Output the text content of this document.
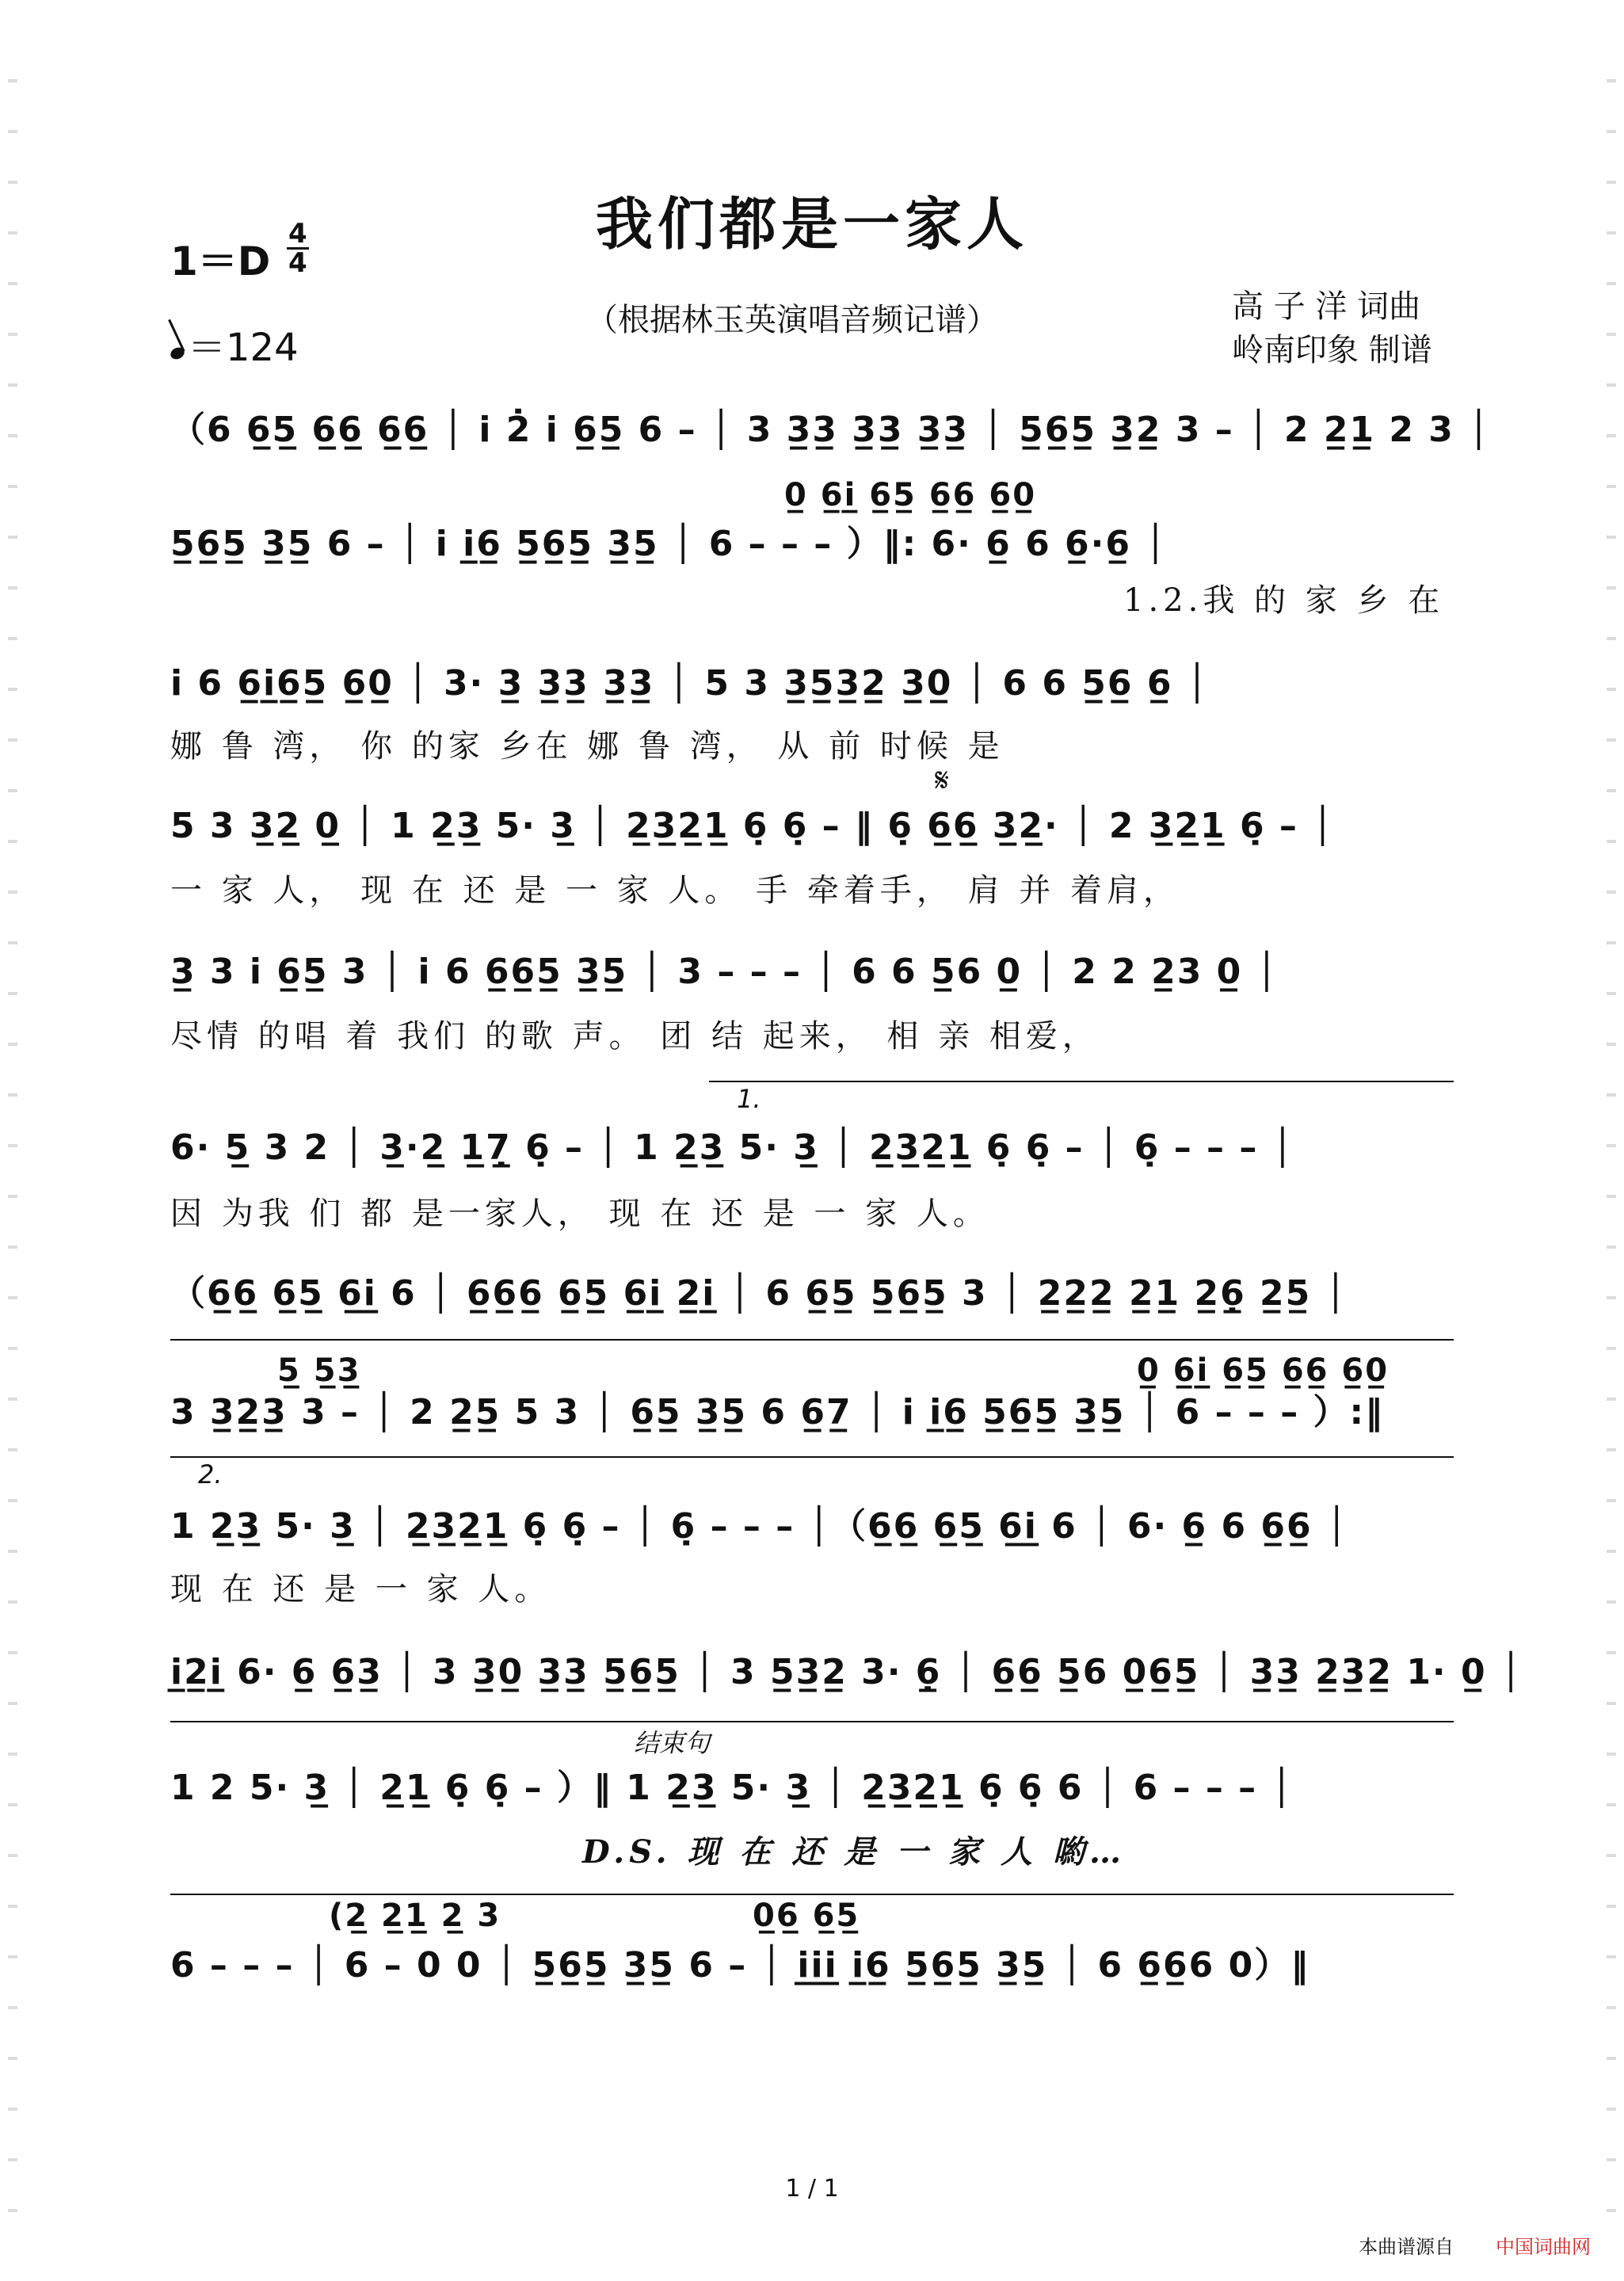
我们都是一家人
1＝D
4
4
＝124
（根据林玉英演唱音频记谱）	高 子 洋 词曲
岭南印象 制谱
0̲ 6̲i̲ 6̲5̲ 6̲6̲ 6̲0̲
0̲ 6̲i̲ 6̲5̲ 6̲6̲ 6̲0̲
5̲ 5̲3̲
(2̲ 2̲1̲ 2̲ 3	0̲6̲ 6̲5̲
（6 6̲5̲ 6̲6̲ 6̲6̲ │ i 2̇ i 6̲5̲ 6 – │ 3 3̲3̲ 3̲3̲ 3̲3̲ │ 5̲6̲5̲ 3̲2̲ 3 – │ 2 2̲1̲ 2 3 │
5̲6̲5̲ 3̲5̲ 6 – │ i i̲6̲ 5̲6̲5̲ 3̲5̲ │ 6 – – – ）‖: 6· 6̲ 6 6̲·6̲ │
1.2.我 的 家 乡 在
i 6 6̲i̲6̲5̲ 6̲0̲ │ 3· 3̲ 3̲3̲ 3̲3̲ │ 5 3 3̲5̲3̲2̲ 3̲0̲ │ 6 6 5̲6̲ 6̲ │
娜 鲁 湾， 你 的家 乡在 娜 鲁 湾， 从 前 时候 是
𝄋
5 3 3̲2̲ 0̲ │ 1 2̲3̲ 5· 3̲ │ 2̲3̲2̲1̲ 6̣ 6̣ – ‖ 6̣ 6̲6̲ 3̲2̲· │ 2 3̲2̲1̲ 6̣ – │
一 家 人， 现 在 还 是 一 家 人。 手 牵着手， 肩 并 着肩，
3̲ 3 i 6̲5̲ 3 │ i 6 6̲6̲5̲ 3̲5̲ │ 3 – – – │ 6 6 5̲6 0̲ │ 2 2 2̲3 0̲ │
尽情 的唱 着 我们 的歌 声。 团 结 起来， 相 亲 相爱，
1.
6· 5̲ 3 2 │ 3̲·2̲ 1̲7̣̲ 6̣ – │ 1 2̲3̲ 5· 3̲ │ 2̲3̲2̲1̲ 6̣ 6̣ – │ 6̣ – – – │
因 为我 们 都 是一家人， 现 在 还 是 一 家 人。
（6̲6̲ 6̲5̲ 6̲i̲ 6 │ 6̲6̲6̲ 6̲5̲ 6̲i̲ 2̲i̲ │ 6 6̲5̲ 5̲6̲5̲ 3 │ 2̲2̲2̲ 2̲1̲ 2̲6̣̲ 2̲5̲ │
3 3̲2̲3̲ 3 – │ 2 2̲5̲ 5 3 │ 6̲5̲ 3̲5̲ 6 6̲7̲ │ i i̲6̲ 5̲6̲5̲ 3̲5̲ │ 6 – – – ）:‖
2.
1 2̲3̲ 5· 3̲ │ 2̲3̲2̲1̲ 6̣ 6̣ – │ 6̣ – – – │（6̲6̲ 6̲5̲ 6̲i̲ 6 │ 6· 6̲ 6 6̲6̲ │
现 在 还 是 一 家 人。
i̲2̲i̲ 6· 6̲ 6̲3̲ │ 3 3̲0̲ 3̲3̲ 5̲6̲5̲ │ 3 5̲3̲2̲ 3· 6̣̲ │ 6̲6̲ 5̲6 0̲6̲5̲ │ 3̲3̲ 2̲3̲2̲ 1· 0̲ │
结束句
1 2 5· 3̲ │ 2̲1̲ 6̣ 6̣ – ）‖ 1 2̲3̲ 5· 3̲ │ 2̲3̲2̲1̲ 6̣ 6̣ 6 │ 6 – – – │
D.S. 现 在 还 是 一 家 人 喲…
6 – – – │ 6 – 0 0 │ 5̲6̲5̲ 3̲5̲ 6 – │ i̲i̲i̲ i̲6̲ 5̲6̲5̲ 3̲5̲ │ 6 6̲6̲6 0）‖
1 / 1
本曲谱源自 中国词曲网
